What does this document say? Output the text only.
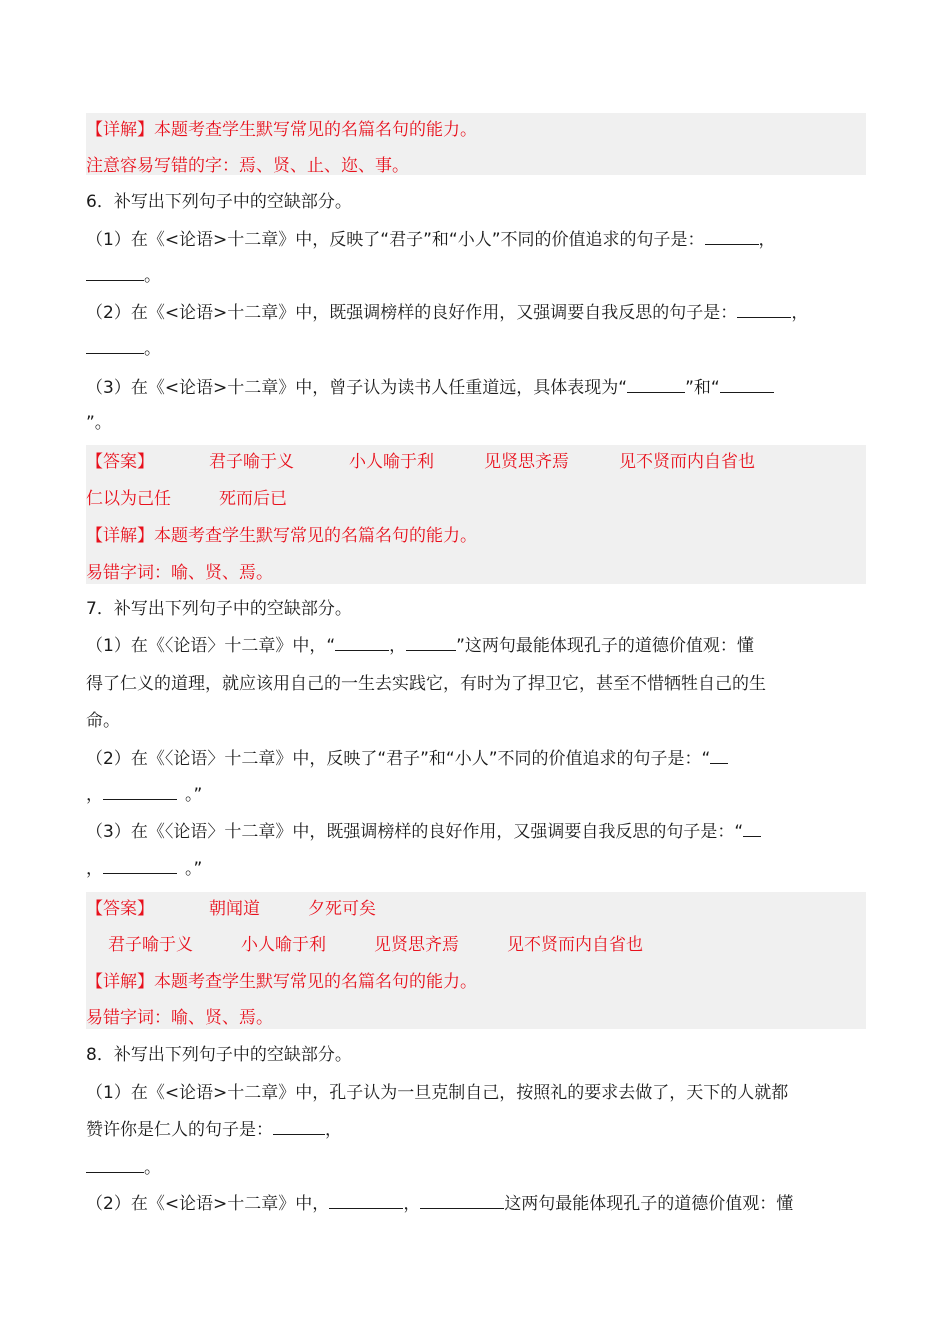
【详解】本题考查学生默写常见的名篇名句的能力。
注意容易写错的字：焉、贤、止、迩、事。
6．补写出下列句子中的空缺部分。
（1）在《<论语>十二章》中，反映了“君子”和“小人”不同的价值追求的句子是：	，
。
（2）在《<论语>十二章》中，既强调榜样的良好作用，又强调要自我反思的句子是：	，
。
（3）在《<论语>十二章》中，曾子认为读书人任重道远，具体表现为“	”和“
”。
【答案】	君子喻于义	小人喻于利	见贤思齐焉	见不贤而内自省也
仁以为己任	死而后已
【详解】本题考查学生默写常见的名篇名句的能力。
易错字词：喻、贤、焉。
7．补写出下列句子中的空缺部分。
（1）在《〈论语〉十二章》中，“	，	”这两句最能体现孔子的道德价值观：懂
得了仁义的道理，就应该用自己的一生去实践它，有时为了捍卫它，甚至不惜牺牲自己的生
命。
（2）在《〈论语〉十二章》中，反映了“君子”和“小人”不同的价值追求的句子是：“
，	。”
（3）在《〈论语〉十二章》中，既强调榜样的良好作用，又强调要自我反思的句子是：“
，	。”
【答案】	朝闻道	夕死可矣
君子喻于义	小人喻于利	见贤思齐焉	见不贤而内自省也
【详解】本题考查学生默写常见的名篇名句的能力。
易错字词：喻、贤、焉。
8．补写出下列句子中的空缺部分。
（1）在《<论语>十二章》中，孔子认为一旦克制自己，按照礼的要求去做了，天下的人就都
赞许你是仁人的句子是：	，
。
（2）在《<论语>十二章》中，	，	这两句最能体现孔子的道德价值观：懂
